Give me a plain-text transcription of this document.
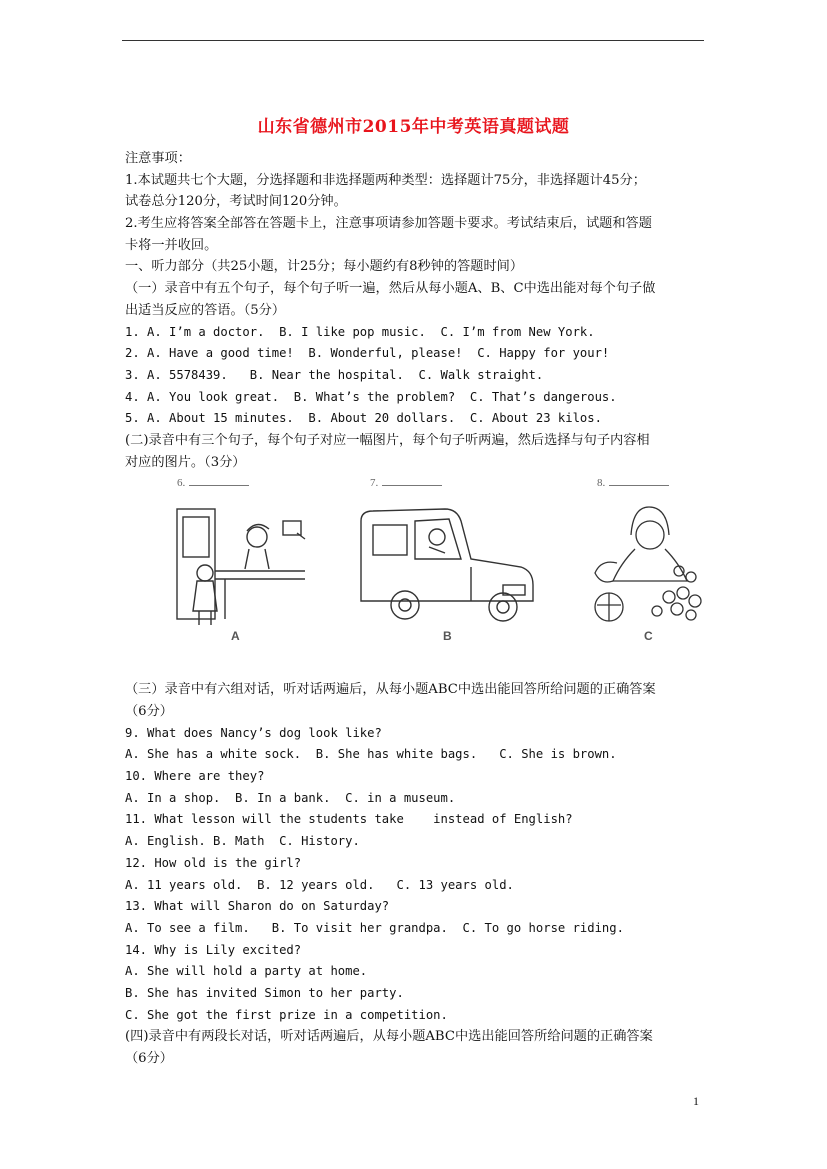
山东省德州市2015年中考英语真题试题
注意事项：
1.本试题共七个大题，分选择题和非选择题两种类型：选择题计75分，非选择题计45分；
试卷总分120分，考试时间120分钟。
2.考生应将答案全部答在答题卡上，注意事项请参加答题卡要求。考试结束后，试题和答题
卡将一并收回。
一、听力部分（共25小题，计25分；每小题约有8秒钟的答题时间）
（一）录音中有五个句子，每个句子听一遍，然后从每小题A、B、C中选出能对每个句子做
出适当反应的答语。（5分）
1. A. I’m a doctor.  B. I like pop music.  C. I’m from New York.
2. A. Have a good time!  B. Wonderful, please!  C. Happy for your!
3. A. 5578439.   B. Near the hospital.  C. Walk straight.
4. A. You look great.  B. What’s the problem?  C. That’s dangerous.
5. A. About 15 minutes.  B. About 20 dollars.  C. About 23 kilos.
(二)录音中有三个句子，每个句子对应一幅图片，每个句子听两遍，然后选择与句子内容相
对应的图片。（3分）
6.
A
7.
B
8.
C
（三）录音中有六组对话，听对话两遍后，从每小题ABC中选出能回答所给问题的正确答案
（6分）
9. What does Nancy’s dog look like?
A. She has a white sock.  B. She has white bags.   C. She is brown.
10. Where are they?
A. In a shop.  B. In a bank.  C. in a museum.
11. What lesson will the students take    instead of English?
A. English. B. Math  C. History.
12. How old is the girl?
A. 11 years old.  B. 12 years old.   C. 13 years old.
13. What will Sharon do on Saturday?
A. To see a film.   B. To visit her grandpa.  C. To go horse riding.
14. Why is Lily excited?
A. She will hold a party at home.
B. She has invited Simon to her party.
C. She got the first prize in a competition.
(四)录音中有两段长对话，听对话两遍后，从每小题ABC中选出能回答所给问题的正确答案
（6分）
1
